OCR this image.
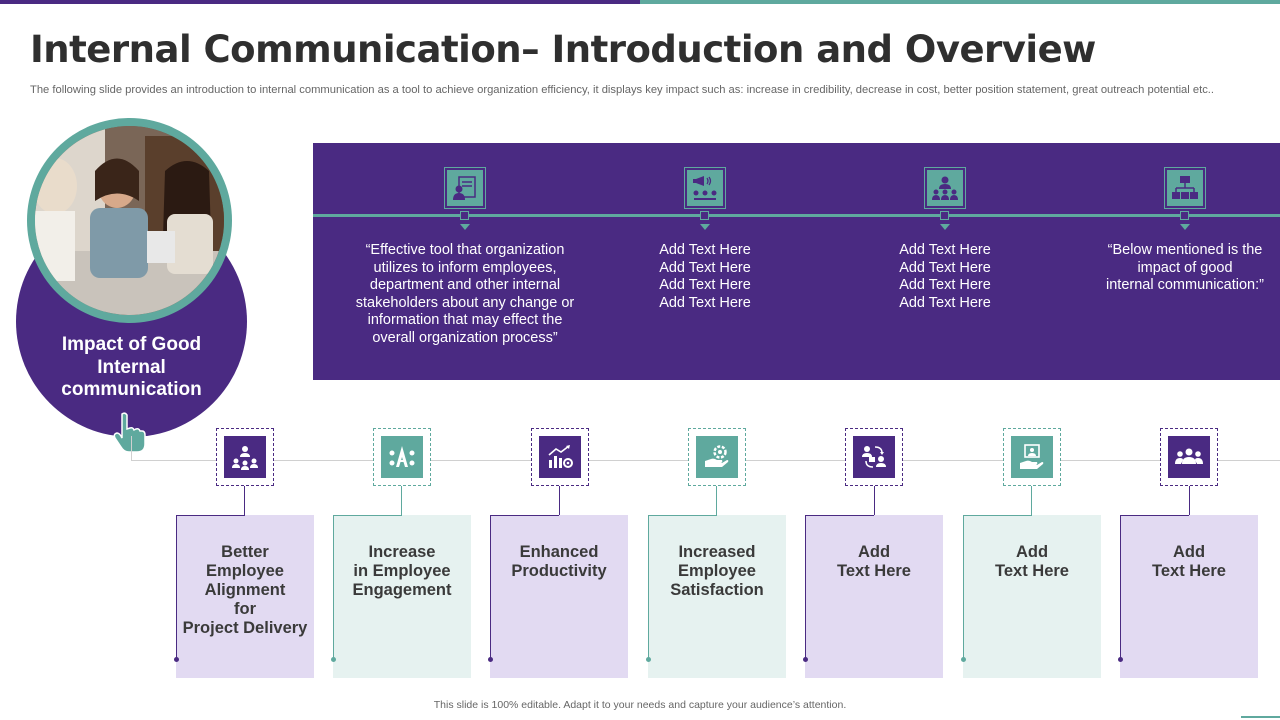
Internal Communication– Introduction and Overview
The following slide provides an introduction to internal communication as a tool to achieve organization efficiency, it displays key impact such as: increase in credibility, decrease in cost, better position statement, great outreach potential etc..
Impact of Good
Internal
communication
“Effective tool that organization
utilizes to inform employees,
department and other internal
stakeholders about any change or
information that may effect the
overall organization process”
Add Text Here
Add Text Here
Add Text Here
Add Text Here
Add Text Here
Add Text Here
Add Text Here
Add Text Here
“Below mentioned is the
impact of good
internal communication:”
Better
Employee
Alignment
for
Project Delivery
Increase
in Employee
Engagement
Enhanced
Productivity
Increased
Employee
Satisfaction
Add
Text Here
Add
Text Here
Add
Text Here
This slide is 100% editable. Adapt it to your needs and capture your audience’s attention.
